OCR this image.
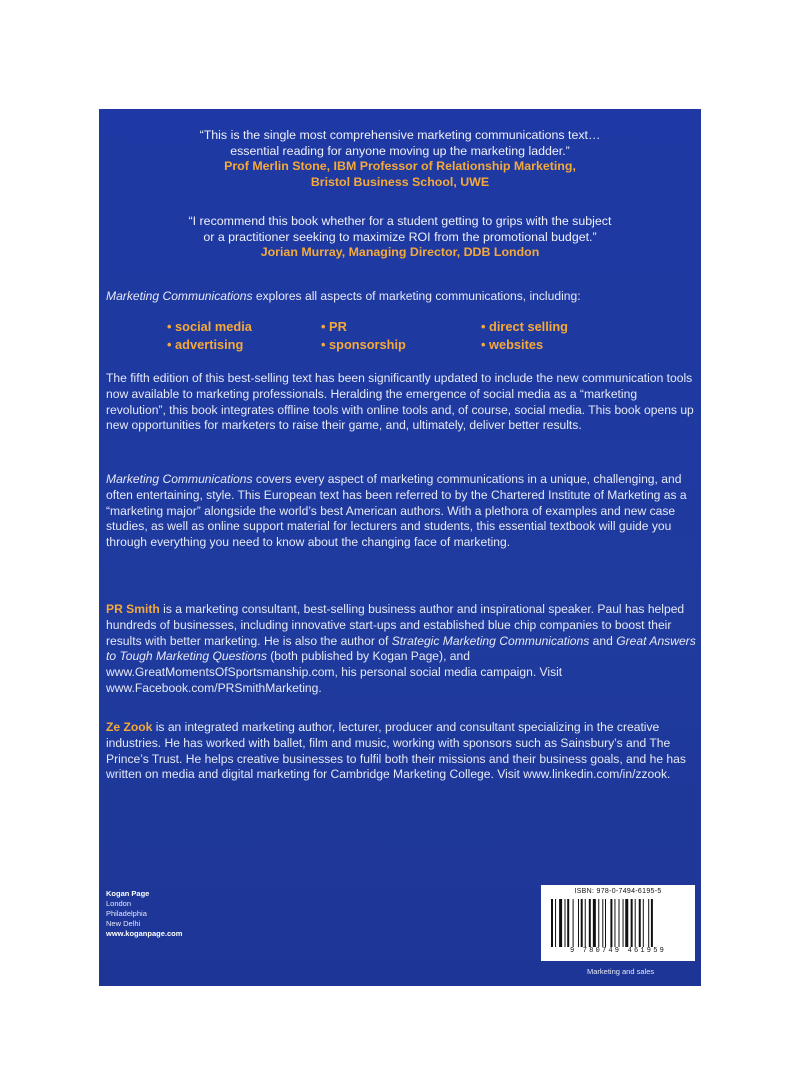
“This is the single most comprehensive marketing communications text…
essential reading for anyone moving up the marketing ladder.”
Prof Merlin Stone, IBM Professor of Relationship Marketing,
Bristol Business School, UWE
“I recommend this book whether for a student getting to grips with the subject
or a practitioner seeking to maximize ROI from the promotional budget.”
Jorian Murray, Managing Director, DDB London

Marketing Communications explores all aspects of marketing communications, including:

• social media	• PR	• direct selling
• advertising	• sponsorship	• websites

The fifth edition of this best-selling text has been significantly updated to include the new communication tools now available to marketing professionals. Heralding the emergence of social media as a “marketing revolution”, this book integrates offline tools with online tools and, of course, social media. This book opens up new opportunities for marketers to raise their game, and, ultimately, deliver better results.

Marketing Communications covers every aspect of marketing communications in a unique, challenging, and often entertaining, style. This European text has been referred to by the Chartered Institute of Marketing as a “marketing major” alongside the world’s best American authors. With a plethora of examples and new case studies, as well as online support material for lecturers and students, this essential textbook will guide you through everything you need to know about the changing face of marketing.

PR Smith is a marketing consultant, best-selling business author and inspirational speaker. Paul has helped hundreds of businesses, including innovative start-ups and established blue chip companies to boost their results with better marketing. He is also the author of Strategic Marketing Communications and Great Answers to Tough Marketing Questions (both published by Kogan Page), and www.GreatMomentsOfSportsmanship.com, his personal social media campaign. Visit www.Facebook.com/PRSmithMarketing.

Ze Zook is an integrated marketing author, lecturer, producer and consultant specializing in the creative industries. He has worked with ballet, film and music, working with sponsors such as Sainsbury’s and The Prince’s Trust. He helps creative businesses to fulfil both their missions and their business goals, and he has written on media and digital marketing for Cambridge Marketing College. Visit www.linkedin.com/in/zzook.

Kogan Page
London
Philadelphia
New Delhi
www.koganpage.com
ISBN: 978-0-7494-6195-5
9 780749 461959
Marketing and sales
